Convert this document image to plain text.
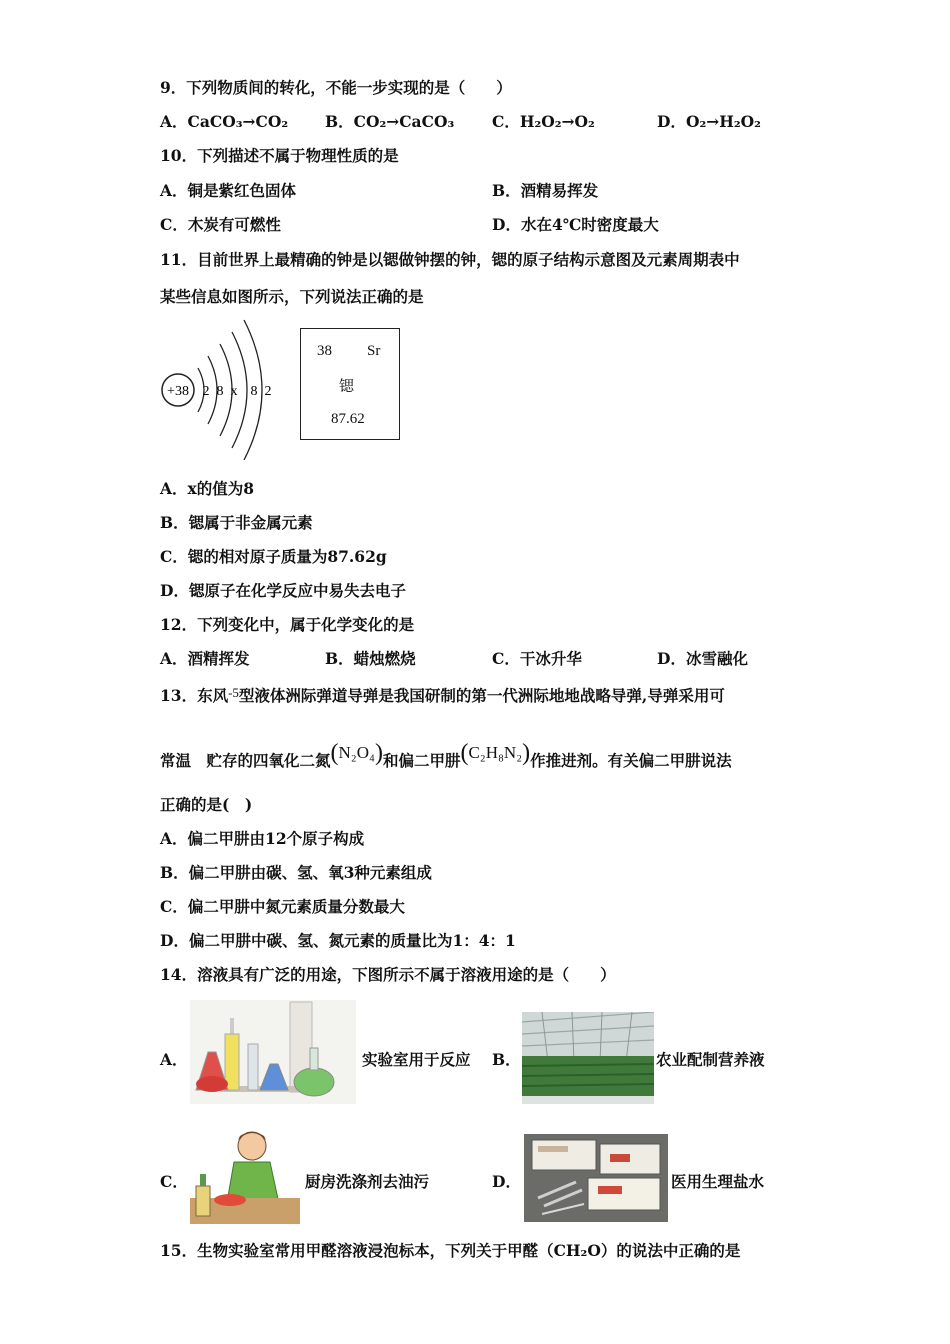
9．下列物质间的转化，不能一步实现的是（　　）
A．CaCO₃→CO₂ B．CO₂→CaCO₃ C．H₂O₂→O₂	D．O₂→H₂O₂
10．下列描述不属于物理性质的是
A．铜是紫红色固体	B．酒精易挥发
C．木炭有可燃性	D．水在4℃时密度最大
11．目前世界上最精确的钟是以锶做钟摆的钟，锶的原子结构示意图及元素周期表中
某些信息如图所示，下列说法正确的是
+38 2 8 x 8 2
38 Sr
锶
87.62
A．x的值为8
B．锶属于非金属元素
C．锶的相对原子质量为87.62g
D．锶原子在化学反应中易失去电子
12．下列变化中，属于化学变化的是
A．酒精挥发	B．蜡烛燃烧	C．干冰升华	D．冰雪融化
13．东风$^{-5}$型液体洲际弹道导弹是我国研制的第一代洲际地地战略导弹,导弹采用可
常温　贮存的四氧化二氮(N₂O₄)和偏二甲肼(C₂H₈N₂)作推进剂。有关偏二甲肼说法
正确的是(　)
A．偏二甲肼由12个原子构成
B．偏二甲肼由碳、氢、氧3种元素组成
C．偏二甲肼中氮元素质量分数最大
D．偏二甲肼中碳、氢、氮元素的质量比为1：4：1
14．溶液具有广泛的用途，下图所示不属于溶液用途的是（　　）
A．	实验室用于反应 B．	农业配制营养液
C．	厨房洗涤剂去油污	D．	医用生理盐水
15．生物实验室常用甲醛溶液浸泡标本，下列关于甲醛（CH₂O）的说法中正确的是
